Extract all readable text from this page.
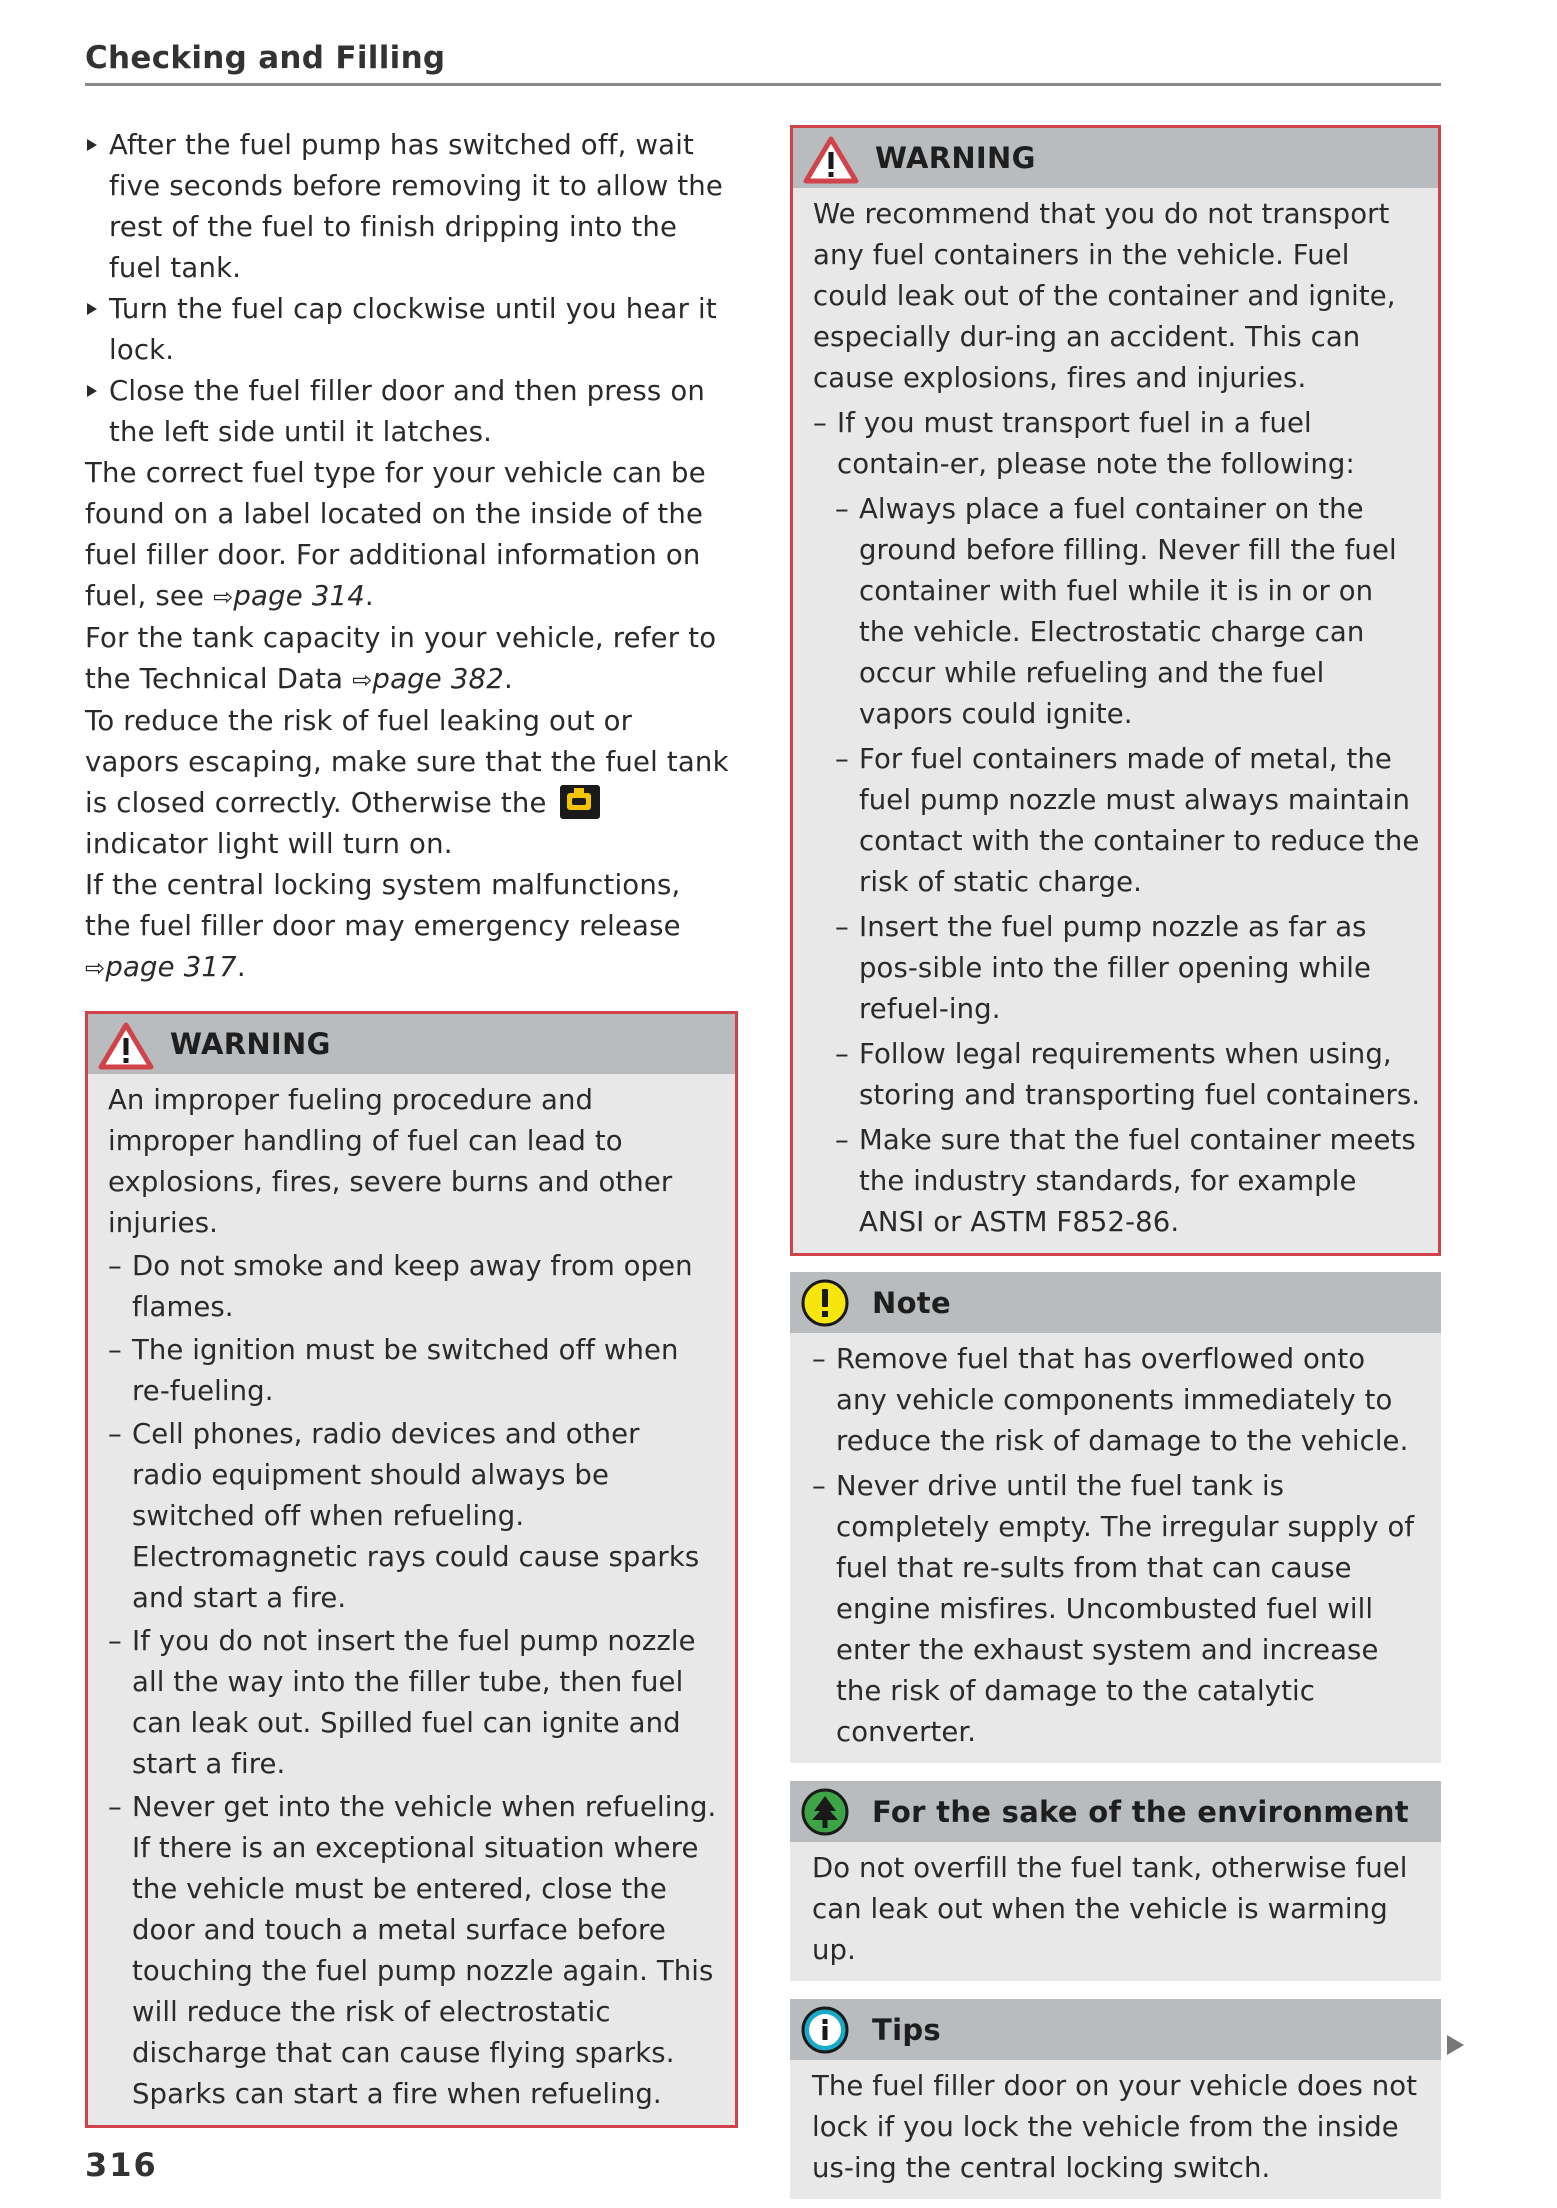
Checking and Filling
After the fuel pump has switched off, wait five seconds before removing it to allow the rest of the fuel to finish dripping into the fuel tank.
Turn the fuel cap clockwise until you hear it lock.
Close the fuel filler door and then press on the left side until it latches.

The correct fuel type for your vehicle can be found on a label located on the inside of the fuel filler door. For additional information on fuel, see ⇨page 314.

For the tank capacity in your vehicle, refer to the Technical Data ⇨page 382.

To reduce the risk of fuel leaking out or vapors escaping, make sure that the fuel tank is closed correctly. Otherwise the
indicator light will turn on.

If the central locking system malfunctions, the fuel filler door may emergency release
⇨page 317.

WARNING
An improper fueling procedure and improper handling of fuel can lead to explosions, fires, severe burns and other injuries.
– Do not smoke and keep away from open flames.
– The ignition must be switched off when re-fueling.
– Cell phones, radio devices and other radio equipment should always be switched off when refueling. Electromagnetic rays could cause sparks and start a fire.
– If you do not insert the fuel pump nozzle all the way into the filler tube, then fuel can leak out. Spilled fuel can ignite and start a fire.
– Never get into the vehicle when refueling. If there is an exceptional situation where the vehicle must be entered, close the door and touch a metal surface before touching the fuel pump nozzle again. This will reduce the risk of electrostatic discharge that can cause flying sparks. Sparks can start a fire when refueling.
WARNING
We recommend that you do not transport any fuel containers in the vehicle. Fuel could leak out of the container and ignite, especially dur-ing an accident. This can cause explosions, fires and injuries.
– If you must transport fuel in a fuel contain-er, please note the following:
– Always place a fuel container on the ground before filling. Never fill the fuel container with fuel while it is in or on the vehicle. Electrostatic charge can occur while refueling and the fuel vapors could ignite.
– For fuel containers made of metal, the fuel pump nozzle must always maintain contact with the container to reduce the risk of static charge.
– Insert the fuel pump nozzle as far as pos-sible into the filler opening while refuel-ing.
– Follow legal requirements when using, storing and transporting fuel containers.
– Make sure that the fuel container meets the industry standards, for example ANSI or ASTM F852-86.
Note
– Remove fuel that has overflowed onto any vehicle components immediately to reduce the risk of damage to the vehicle.
– Never drive until the fuel tank is completely empty. The irregular supply of fuel that re-sults from that can cause engine misfires. Uncombusted fuel will enter the exhaust system and increase the risk of damage to the catalytic converter.
For the sake of the environment
Do not overfill the fuel tank, otherwise fuel can leak out when the vehicle is warming up.
Tips
The fuel filler door on your vehicle does not lock if you lock the vehicle from the inside us-ing the central locking switch.
316
